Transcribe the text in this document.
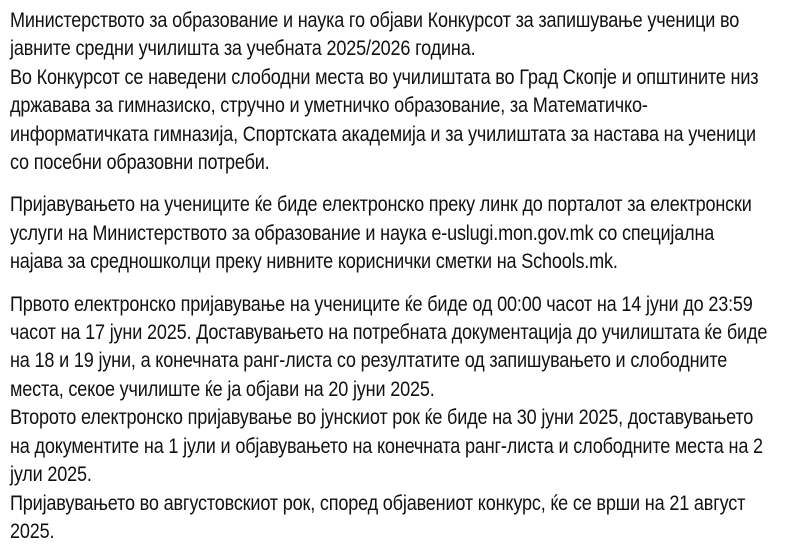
Министерството за образование и наука го објави Конкурсот за запишување ученици во
јавните средни училишта за учебната 2025/2026 година.
Во Конкурсот се наведени слободни места во училиштата во Град Скопје и општините низ
државава за гимназиско, стручно и уметничко образование, за Математичко-
информатичката гимназија, Спортската академија и за училиштата за настава на ученици
со посебни образовни потреби.
Пријавувањето на учениците ќе биде електронско преку линк до порталот за електронски
услуги на Министерството за образование и наука e-uslugi.mon.gov.mk со специјална
најава за средношколци преку нивните кориснички сметки на Schools.mk.
Првото електронско пријавување на учениците ќе биде од 00:00 часот на 14 јуни до 23:59
часот на 17 јуни 2025. Доставувањето на потребната документација до училиштата ќе биде
на 18 и 19 јуни, а конечната ранг-листа со резултатите од запишувањето и слободните
места, секое училиште ќе ја објави на 20 јуни 2025.
Второто електронско пријавување во јунскиот рок ќе биде на 30 јуни 2025, доставувањето
на документите на 1 јули и објавувањето на конечната ранг-листа и слободните места на 2
јули 2025.
Пријавувањето во августовскиот рок, според објавениот конкурс, ќе се врши на 21 август
2025.
